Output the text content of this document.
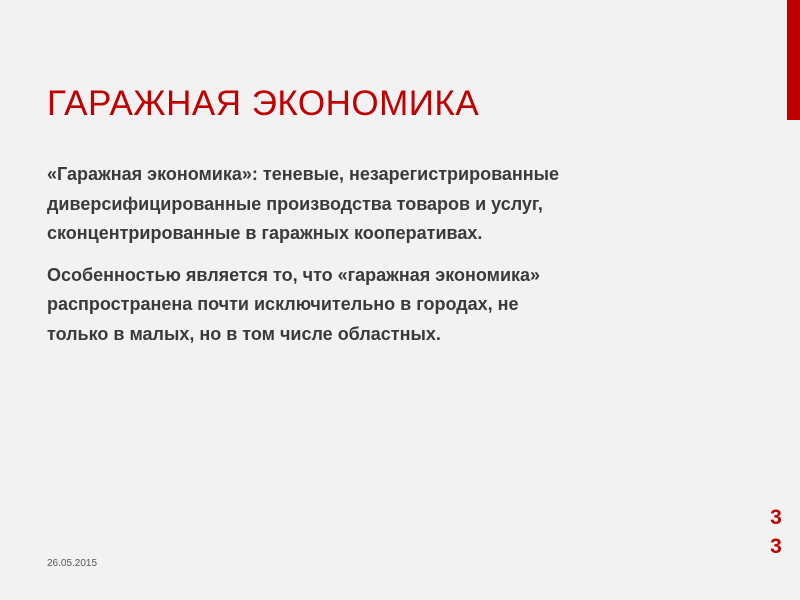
ГАРАЖНАЯ ЭКОНОМИКА

«Гаражная экономика»: теневые, незарегистрированные
диверсифицированные производства товаров и услуг,
сконцентрированные в гаражных кооперативах.

Особенностью является то, что «гаражная экономика»
распространена почти исключительно в городах, не
только в малых, но в том числе областных.

26.05.2015
33
